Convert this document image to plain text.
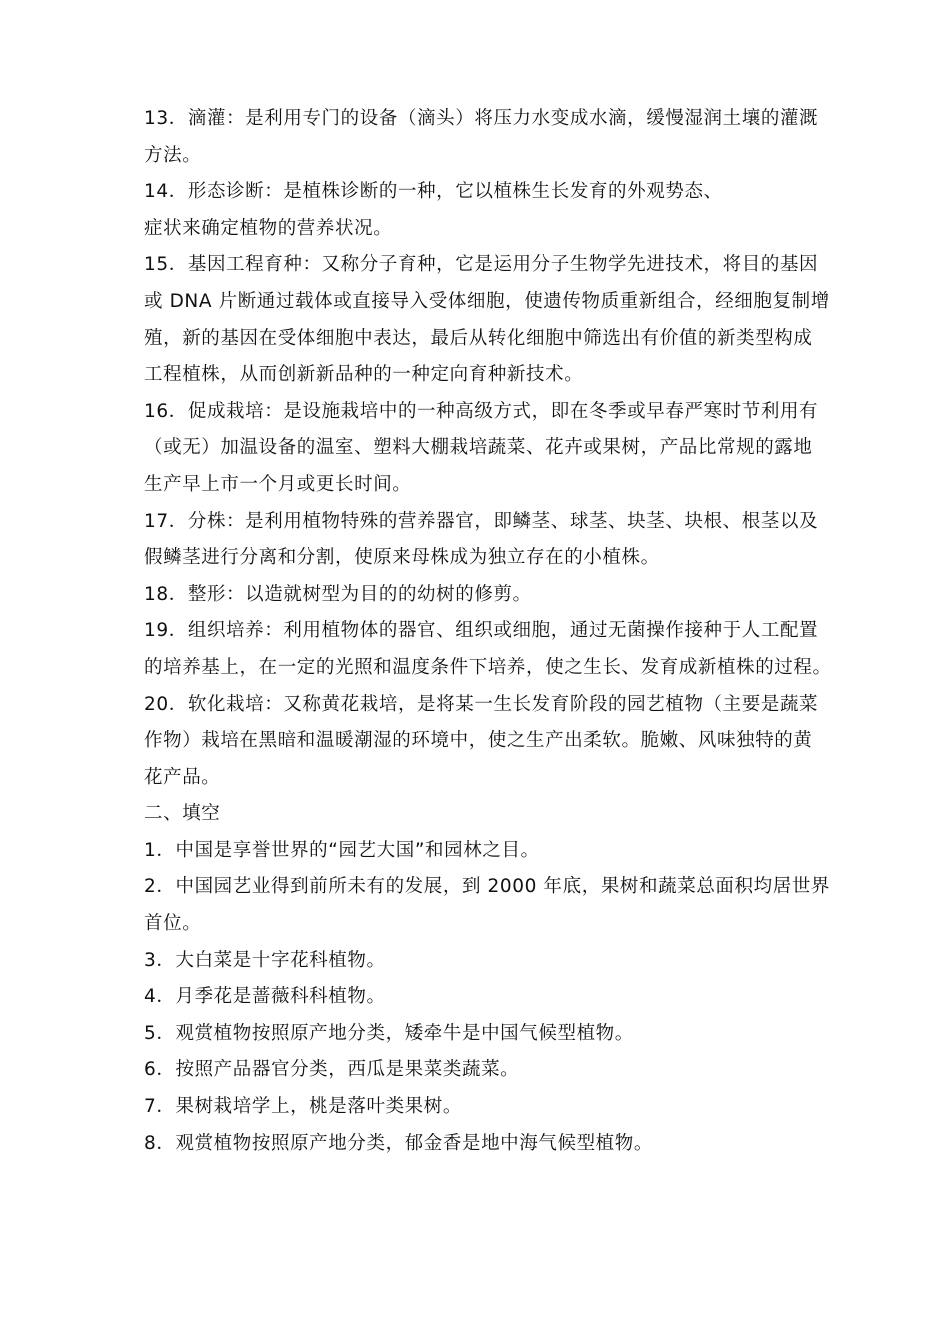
13．滴灌：是利用专门的设备（滴头）将压力水变成水滴，缓慢湿润土壤的灌溉
方法。
14．形态诊断：是植株诊断的一种，它以植株生长发育的外观势态、
症状来确定植物的营养状况。
15．基因工程育种：又称分子育种，它是运用分子生物学先进技术，将目的基因
或 DNA 片断通过载体或直接导入受体细胞，使遗传物质重新组合，经细胞复制增
殖，新的基因在受体细胞中表达，最后从转化细胞中筛选出有价值的新类型构成
工程植株，从而创新新品种的一种定向育种新技术。
16．促成栽培：是设施栽培中的一种高级方式，即在冬季或早春严寒时节利用有
（或无）加温设备的温室、塑料大棚栽培蔬菜、花卉或果树，产品比常规的露地
生产早上市一个月或更长时间。
17．分株：是利用植物特殊的营养器官，即鳞茎、球茎、块茎、块根、根茎以及
假鳞茎进行分离和分割，使原来母株成为独立存在的小植株。
18．整形：以造就树型为目的的幼树的修剪。
19．组织培养：利用植物体的器官、组织或细胞，通过无菌操作接种于人工配置
的培养基上，在一定的光照和温度条件下培养，使之生长、发育成新植株的过程。
20．软化栽培：又称黄花栽培，是将某一生长发育阶段的园艺植物（主要是蔬菜
作物）栽培在黑暗和温暖潮湿的环境中，使之生产出柔软。脆嫩、风味独特的黄
花产品。
二、填空
1．中国是享誉世界的“园艺大国”和园林之目。
2．中国园艺业得到前所未有的发展，到 2000 年底，果树和蔬菜总面积均居世界
首位。
3．大白菜是十字花科植物。
4．月季花是蔷薇科科植物。
5．观赏植物按照原产地分类，矮牵牛是中国气候型植物。
6．按照产品器官分类，西瓜是果菜类蔬菜。
7．果树栽培学上，桃是落叶类果树。
8．观赏植物按照原产地分类，郁金香是地中海气候型植物。
